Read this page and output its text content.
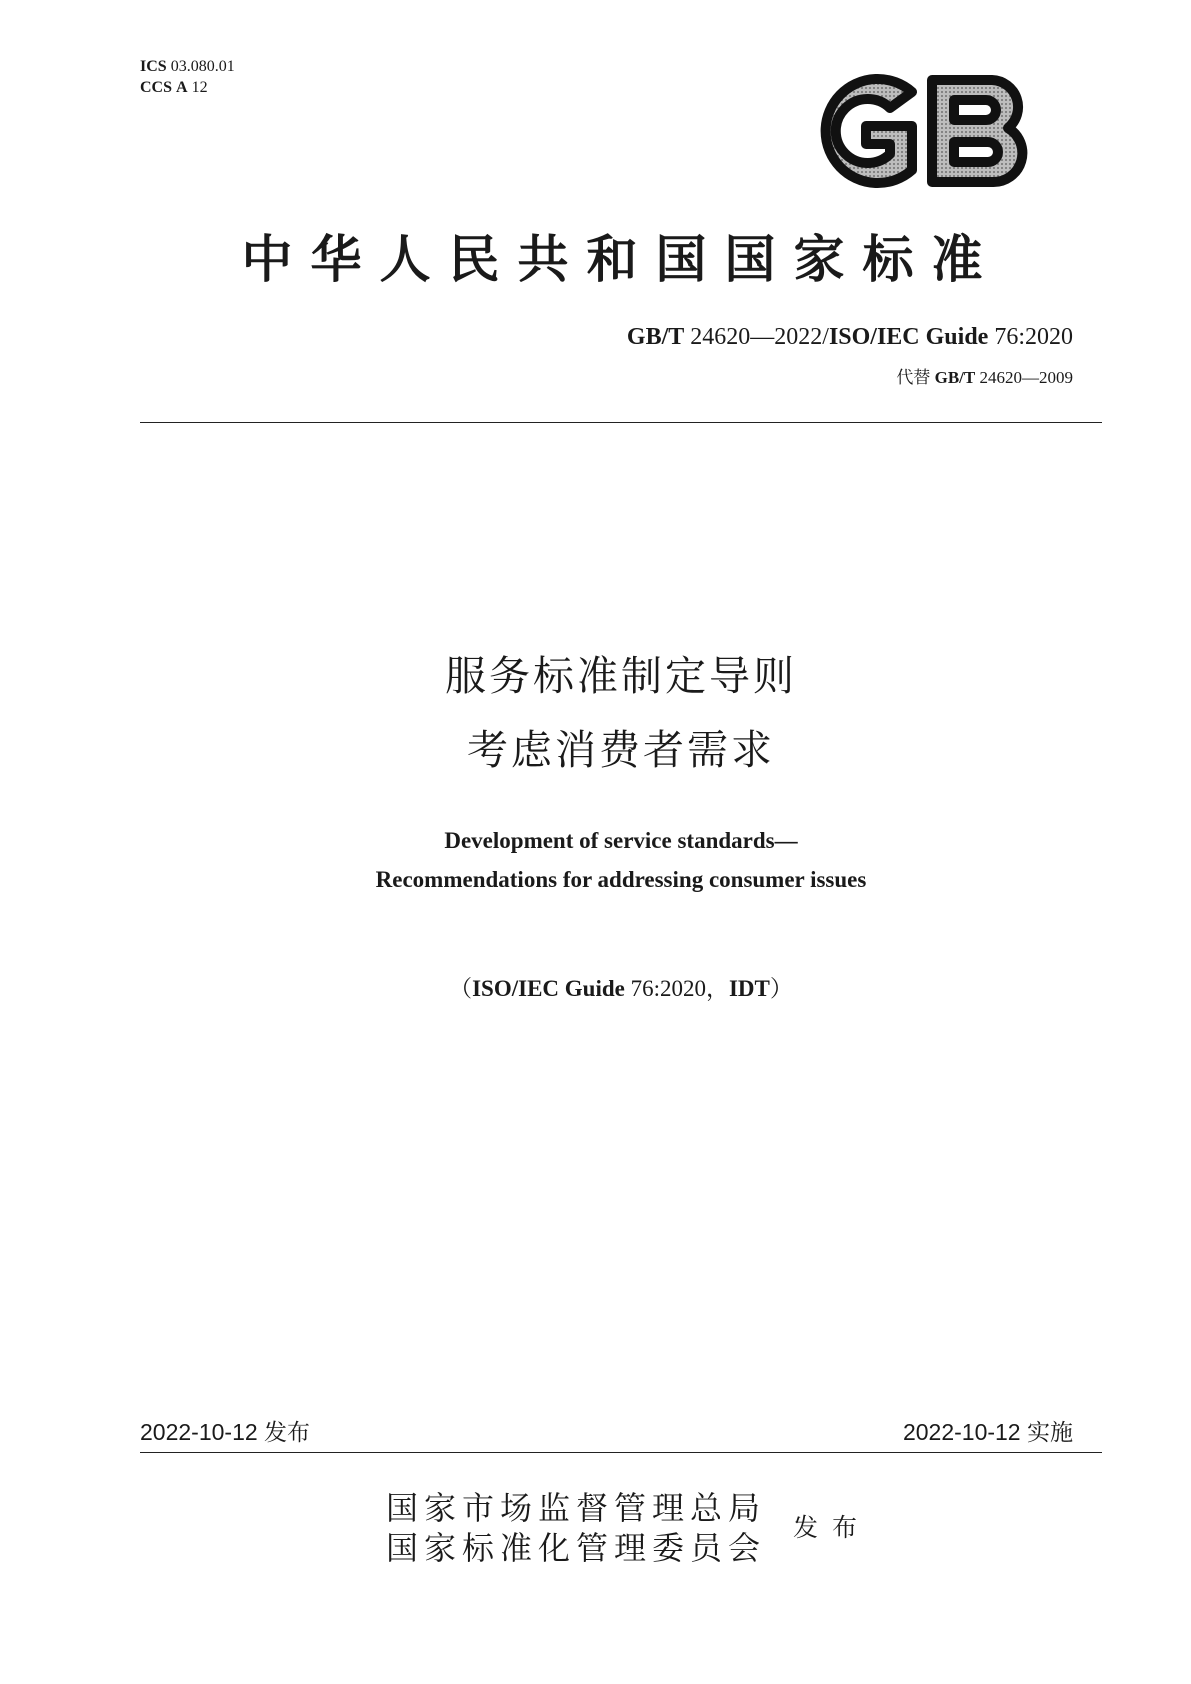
ICS 03.080.01
CCS A 12
中华人民共和国国家标准
GB/T 24620—2022/ISO/IEC Guide 76:2020
代替 GB/T 24620—2009
服务标准制定导则
考虑消费者需求
Development of service standards—
Recommendations for addressing consumer issues
（ISO/IEC Guide 76:2020，IDT）
2022-10-12 发布	2022-10-12 实施
国家市场监督管理总局
国家标准化管理委员会
发布
